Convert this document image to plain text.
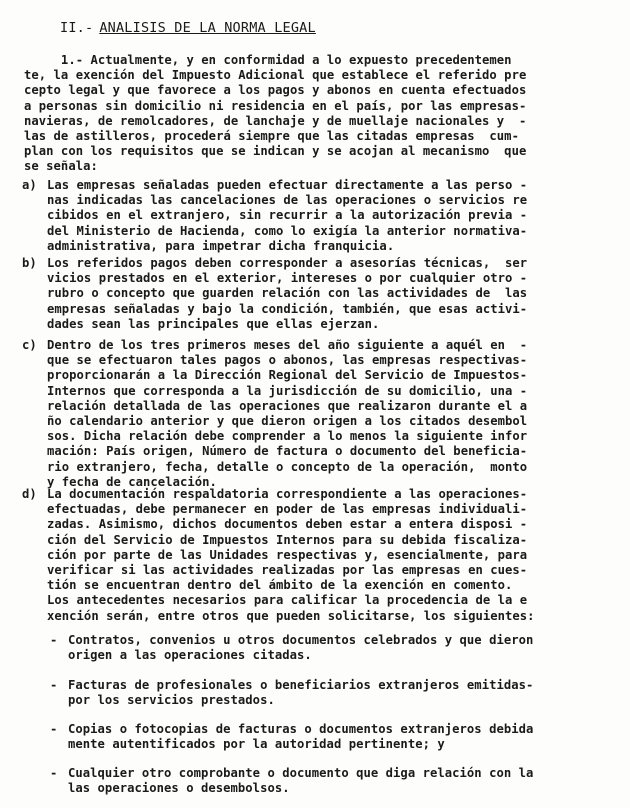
II.- ANALISIS DE LA NORMA LEGAL
1.- Actualmente, y en conformidad a lo expuesto precedentemen
te, la exención del Impuesto Adicional que establece el referido pre
cepto legal y que favorece a los pagos y abonos en cuenta efectuados
a personas sin domicilio ni residencia en el país, por las empresas-
navieras, de remolcadores, de lanchaje y de muellaje nacionales y  -
las de astilleros, procederá siempre que las citadas empresas  cum-
plan con los requisitos que se indican y se acojan al mecanismo  que
se señala:
a) Las empresas señaladas pueden efectuar directamente a las perso -
nas indicadas las cancelaciones de las operaciones o servicios re
cibidos en el extranjero, sin recurrir a la autorización previa -
del Ministerio de Hacienda, como lo exigía la anterior normativa-
administrativa, para impetrar dicha franquicia.
b) Los referidos pagos deben corresponder a asesorías técnicas,  ser
vicios prestados en el exterior, intereses o por cualquier otro -
rubro o concepto que guarden relación con las actividades de  las
empresas señaladas y bajo la condición, también, que esas activi-
dades sean las principales que ellas ejerzan.
c) Dentro de los tres primeros meses del año siguiente a aquél en  -
que se efectuaron tales pagos o abonos, las empresas respectivas-
proporcionarán a la Dirección Regional del Servicio de Impuestos-
Internos que corresponda a la jurisdicción de su domicilio, una -
relación detallada de las operaciones que realizaron durante el a
ño calendario anterior y que dieron origen a los citados desembol
sos. Dicha relación debe comprender a lo menos la siguiente infor
mación: País origen, Número de factura o documento del beneficia-
rio extranjero, fecha, detalle o concepto de la operación,  monto
y fecha de cancelación.
d) La documentación respaldatoria correspondiente a las operaciones-
efectuadas, debe permanecer en poder de las empresas individuali-
zadas. Asimismo, dichos documentos deben estar a entera disposi -
ción del Servicio de Impuestos Internos para su debida fiscaliza-
ción por parte de las Unidades respectivas y, esencialmente, para
verificar si las actividades realizadas por las empresas en cues-
tión se encuentran dentro del ámbito de la exención en comento.
Los antecedentes necesarios para calificar la procedencia de la e
xención serán, entre otros que pueden solicitarse, los siguientes:
- Contratos, convenios u otros documentos celebrados y que dieron
origen a las operaciones citadas.
- Facturas de profesionales o beneficiarios extranjeros emitidas-
por los servicios prestados.
- Copias o fotocopias de facturas o documentos extranjeros debida
mente autentificados por la autoridad pertinente; y
- Cualquier otro comprobante o documento que diga relación con la
las operaciones o desembolsos.
